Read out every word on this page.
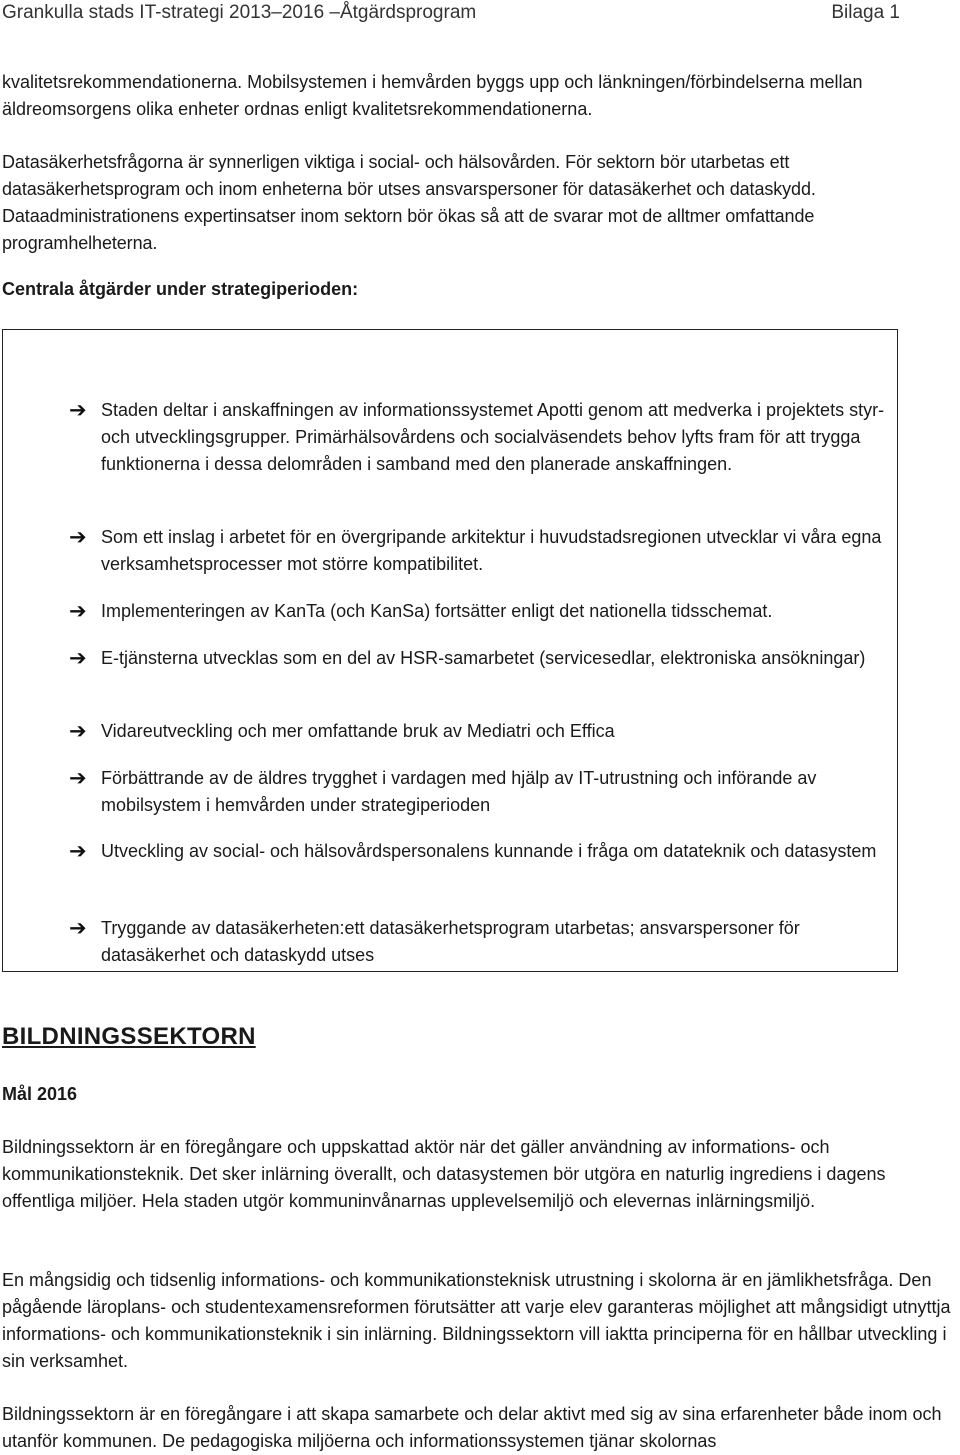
Grankulla stads IT-strategi 2013–2016 –Åtgärdsprogram	Bilaga 1

kvalitetsrekommendationerna. Mobilsystemen i hemvården byggs upp och länkningen/förbindelserna mellan äldreomsorgens olika enheter ordnas enligt kvalitetsrekommendationerna.

Datasäkerhetsfrågorna är synnerligen viktiga i social- och hälsovården. För sektorn bör utarbetas ett datasäkerhetsprogram och inom enheterna bör utses ansvarspersoner för datasäkerhet och dataskydd. Dataadministrationens expertinsatser inom sektorn bör ökas så att de svarar mot de alltmer omfattande programhelheterna.

Centrala åtgärder under strategiperioden:

➔ Staden deltar i anskaffningen av informationssystemet Apotti genom att medverka i projektets styr- och utvecklingsgrupper. Primärhälsovårdens och socialväsendets behov lyfts fram för att trygga funktionerna i dessa delområden i samband med den planerade anskaffningen.
➔ Som ett inslag i arbetet för en övergripande arkitektur i huvudstadsregionen utvecklar vi våra egna verksamhetsprocesser mot större kompatibilitet.
➔ Implementeringen av KanTa (och KanSa) fortsätter enligt det nationella tidsschemat.
➔ E-tjänsterna utvecklas som en del av HSR-samarbetet (servicesedlar, elektroniska ansökningar)
➔ Vidareutveckling och mer omfattande bruk av Mediatri och Effica
➔ Förbättrande av de äldres trygghet i vardagen med hjälp av IT-utrustning och införande av mobilsystem i hemvården under strategiperioden
➔ Utveckling av social- och hälsovårdspersonalens kunnande i fråga om datateknik och datasystem
➔ Tryggande av datasäkerheten:ett datasäkerhetsprogram utarbetas; ansvarspersoner för datasäkerhet och dataskydd utses
BILDNINGSSEKTORN
Mål 2016

Bildningssektorn är en föregångare och uppskattad aktör när det gäller användning av informations- och kommunikationsteknik. Det sker inlärning överallt, och datasystemen bör utgöra en naturlig ingrediens i dagens offentliga miljöer. Hela staden utgör kommuninvånarnas upplevelsemiljö och elevernas inlärningsmiljö.

En mångsidig och tidsenlig informations- och kommunikationsteknisk utrustning i skolorna är en jämlikhetsfråga. Den pågående läroplans- och studentexamensreformen förutsätter att varje elev garanteras möjlighet att mångsidigt utnyttja informations- och kommunikationsteknik i sin inlärning. Bildningssektorn vill iaktta principerna för en hållbar utveckling i sin verksamhet.

Bildningssektorn är en föregångare i att skapa samarbete och delar aktivt med sig av sina erfarenheter både inom och utanför kommunen. De pedagogiska miljöerna och informationssystemen tjänar skolornas
